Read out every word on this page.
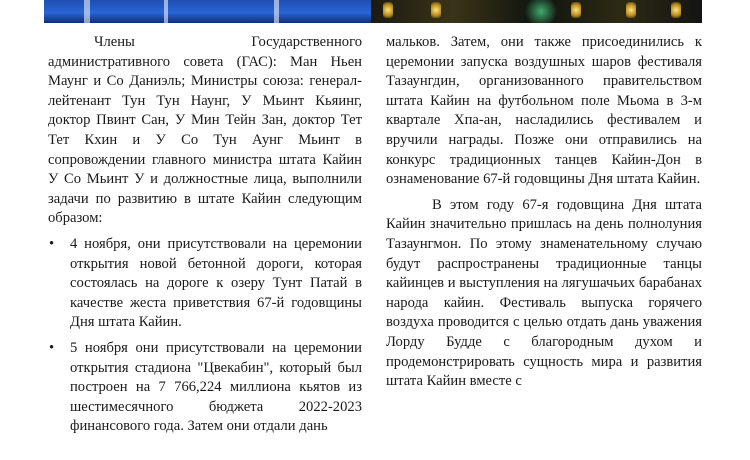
Члены Государственного административного совета (ГАС): Ман Ньен Маунг и Со Даниэль; Министры союза: генерал-лейтенант Тун Тун Наунг, У Мьинт Кьяинг, доктор Пвинт Сан, У Мин Тейн Зан, доктор Тет Тет Кхин и У Со Тун Аунг Мьинт в сопровождении главного министра штата Кайин У Со Мьинт У и должностные лица, выполнили задачи по развитию в штате Кайин следующим образом:

• 4 ноября, они присутствовали на церемонии открытия новой бетонной дороги, которая состоялась на дороге к озеру Тунт Патай в качестве жеста приветствия 67-й годовщины Дня штата Кайин.
• 5 ноября они присутствовали на церемонии открытия стадиона "Цвекабин", который был построен на 7 766,224 миллиона кьятов из шестимесячного бюджета 2022-2023 финансового года. Затем они отдали дань

мальков. Затем, они также присоединились к церемонии запуска воздушных шаров фестиваля Тазаунгдин, организованного правительством штата Кайин на футбольном поле Мьома в 3-м квартале Хпа-ан, насладились фестивалем и вручили награды. Позже они отправились на конкурс традиционных танцев Кайин-Дон в ознаменование 67-й годовщины Дня штата Кайин.

В этом году 67-я годовщина Дня штата Кайин значительно пришлась на день полнолуния Тазаунгмон. По этому знаменательному случаю будут распространены традиционные танцы кайинцев и выступления на лягушачьих барабанах народа кайин. Фестиваль выпуска горячего воздуха проводится с целью отдать дань уважения Лорду Будде с благородным духом и продемонстрировать сущность мира и развития штата Кайин вместе с
